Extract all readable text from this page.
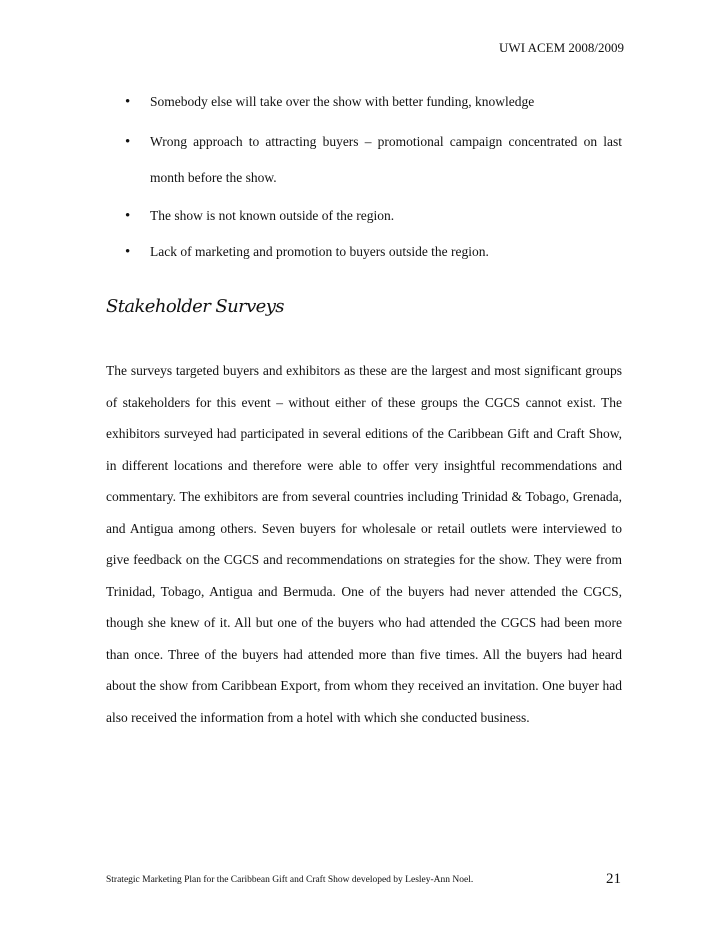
UWI ACEM 2008/2009
• Somebody else will take over the show with better funding, knowledge
• Wrong approach to attracting buyers – promotional campaign concentrated on last month before the show.
• The show is not known outside of the region.
• Lack of marketing and promotion to buyers outside the region.
Stakeholder Surveys

The surveys targeted buyers and exhibitors as these are the largest and most significant groups of stakeholders for this event – without either of these groups the CGCS cannot exist. The exhibitors surveyed had participated in several editions of the Caribbean Gift and Craft Show, in different locations and therefore were able to offer very insightful recommendations and commentary. The exhibitors are from several countries including Trinidad & Tobago, Grenada, and Antigua among others. Seven buyers for wholesale or retail outlets were interviewed to give feedback on the CGCS and recommendations on strategies for the show. They were from Trinidad, Tobago, Antigua and Bermuda. One of the buyers had never attended the CGCS, though she knew of it. All but one of the buyers who had attended the CGCS had been more than once. Three of the buyers had attended more than five times. All the buyers had heard about the show from Caribbean Export, from whom they received an invitation. One buyer had also received the information from a hotel with which she conducted business.

Strategic Marketing Plan for the Caribbean Gift and Craft Show developed by Lesley-Ann Noel.	21
